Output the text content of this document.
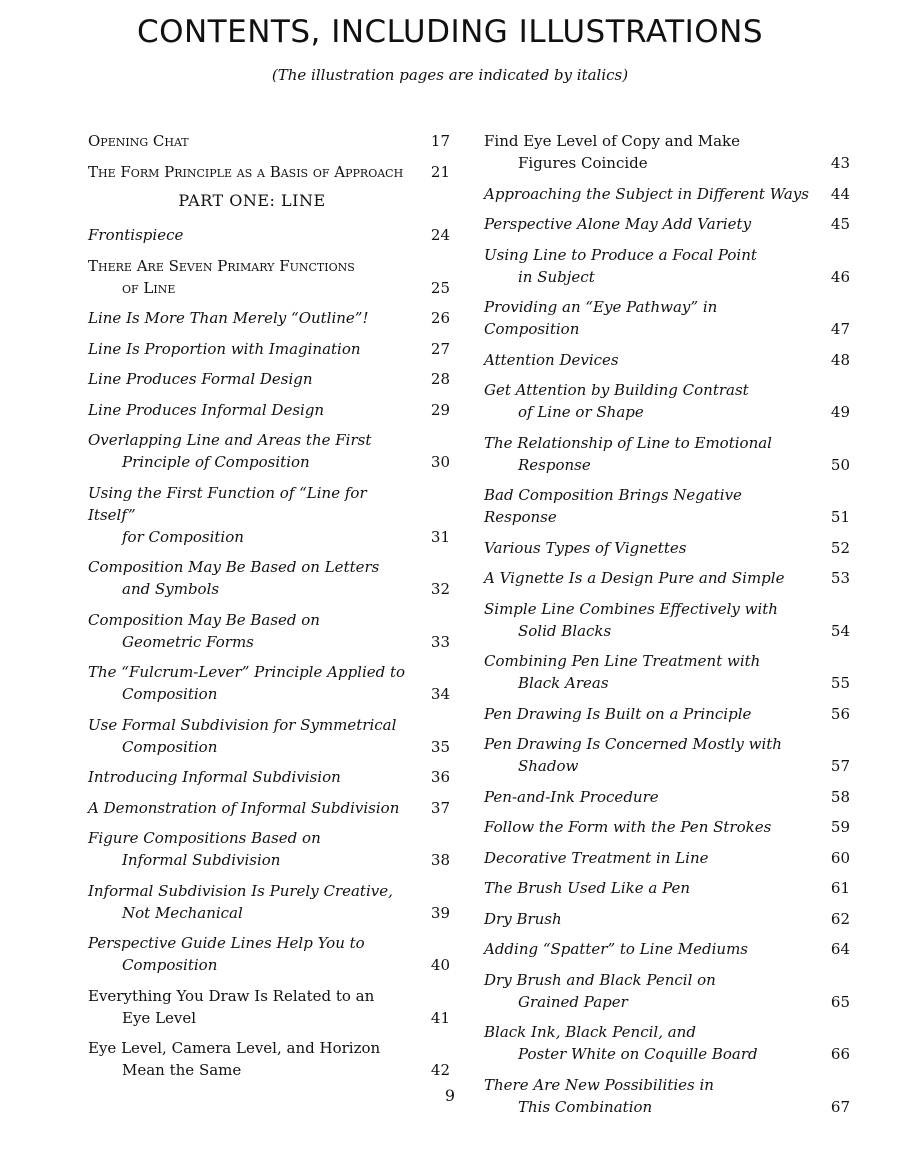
CONTENTS, INCLUDING ILLUSTRATIONS

(The illustration pages are indicated by italics)

Opening Chat	17
The Form Principle as a Basis of Approach	21
PART ONE: LINE
Frontispiece	24
There Are Seven Primary Functions
of Line	25
Line Is More Than Merely “Outline”!	26
Line Is Proportion with Imagination	27
Line Produces Formal Design	28
Line Produces Informal Design	29
Overlapping Line and Areas the First
Principle of Composition	30
Using the First Function of “Line for Itself”
for Composition	31
Composition May Be Based on Letters
and Symbols	32
Composition May Be Based on
Geometric Forms	33
The “Fulcrum-Lever” Principle Applied to
Composition	34
Use Formal Subdivision for Symmetrical
Composition	35
Introducing Informal Subdivision	36
A Demonstration of Informal Subdivision	37
Figure Compositions Based on
Informal Subdivision	38
Informal Subdivision Is Purely Creative,
Not Mechanical	39
Perspective Guide Lines Help You to
Composition	40
Everything You Draw Is Related to an
Eye Level	41
Eye Level, Camera Level, and Horizon
Mean the Same	42
Find Eye Level of Copy and Make
Figures Coincide	43
Approaching the Subject in Different Ways 44
Perspective Alone May Add Variety	45
Using Line to Produce a Focal Point
in Subject	46
Providing an “Eye Pathway” in Composition	47
Attention Devices	48
Get Attention by Building Contrast
of Line or Shape	49
The Relationship of Line to Emotional
Response	50
Bad Composition Brings Negative Response	51
Various Types of Vignettes	52
A Vignette Is a Design Pure and Simple	53
Simple Line Combines Effectively with
Solid Blacks	54
Combining Pen Line Treatment with
Black Areas	55
Pen Drawing Is Built on a Principle	56
Pen Drawing Is Concerned Mostly with
Shadow	57
Pen-and-Ink Procedure	58
Follow the Form with the Pen Strokes	59
Decorative Treatment in Line	60
The Brush Used Like a Pen	61
Dry Brush	62
Adding “Spatter” to Line Mediums	64
Dry Brush and Black Pencil on
Grained Paper	65
Black Ink, Black Pencil, and
Poster White on Coquille Board	66
There Are New Possibilities in
This Combination	67
9
